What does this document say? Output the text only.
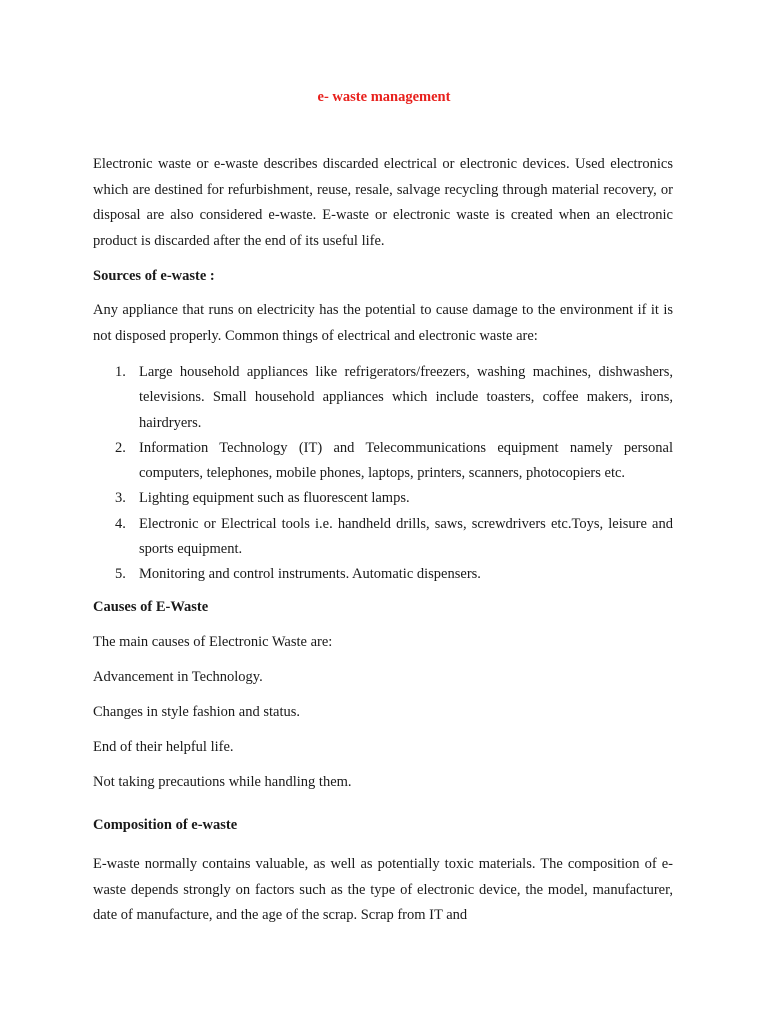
e- waste management

Electronic waste or e-waste describes discarded electrical or electronic devices. Used electronics which are destined for refurbishment, reuse, resale, salvage recycling through material recovery, or disposal are also considered e-waste. E-waste or electronic waste is created when an electronic product is discarded after the end of its useful life.

Sources of e-waste :

Any appliance that runs on electricity has the potential to cause damage to the environment if it is not disposed properly. Common things of electrical and electronic waste are:

1. Large household appliances like refrigerators/freezers, washing machines, dishwashers, televisions. Small household appliances which include toasters, coffee makers, irons, hairdryers.
2. Information Technology (IT) and Telecommunications equipment namely personal computers, telephones, mobile phones, laptops, printers, scanners, photocopiers etc.
3. Lighting equipment such as fluorescent lamps.
4. Electronic or Electrical tools i.e. handheld drills, saws, screwdrivers etc.Toys, leisure and sports equipment.
5. Monitoring and control instruments. Automatic dispensers.

Causes of E-Waste

The main causes of Electronic Waste are:

Advancement in Technology.

Changes in style fashion and status.

End of their helpful life.

Not taking precautions while handling them.

Composition of e-waste

E-waste normally contains valuable, as well as potentially toxic materials. The composition of e-waste depends strongly on factors such as the type of electronic device, the model, manufacturer, date of manufacture, and the age of the scrap. Scrap from IT and
